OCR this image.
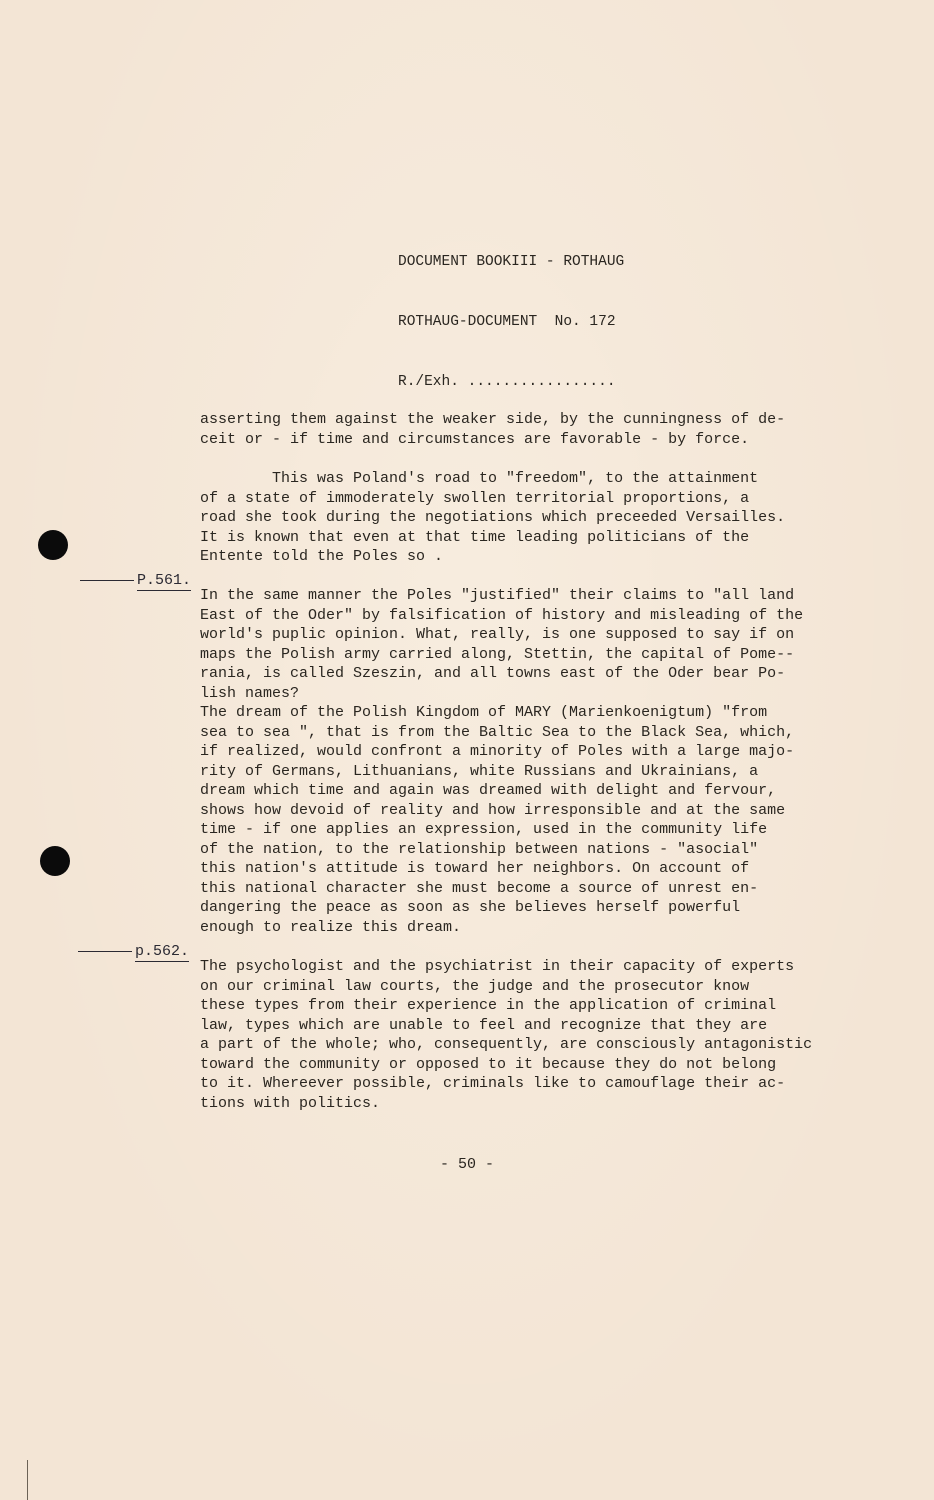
DOCUMENT BOOKIII - ROTHAUG

ROTHAUG-DOCUMENT  No. 172

R./Exh. .................

asserting them against the weaker side, by the cunningness of de-
ceit or - if time and circumstances are favorable - by force.
This was Poland's road to "freedom", to the attainment
of a state of immoderately swollen territorial proportions, a
road she took during the negotiations which preceeded Versailles.
It is known that even at that time leading politicians of the
Entente told the Poles so .
P.561.
In the same manner the Poles "justified" their claims to "all land
East of the Oder" by falsification of history and misleading of the
world's puplic opinion. What, really, is one supposed to say if on
maps the Polish army carried along, Stettin, the capital of Pome--
rania, is called Szeszin, and all towns east of the Oder bear Po-
lish names?
The dream of the Polish Kingdom of MARY (Marienkoenigtum) "from
sea to sea ", that is from the Baltic Sea to the Black Sea, which,
if realized, would confront a minority of Poles with a large majo-
rity of Germans, Lithuanians, white Russians and Ukrainians, a
dream which time and again was dreamed with delight and fervour,
shows how devoid of reality and how irresponsible and at the same
time - if one applies an expression, used in the community life
of the nation, to the relationship between nations - "asocial"
this nation's attitude is toward her neighbors. On account of
this national character she must become a source of unrest en-
dangering the peace as soon as she believes herself powerful
enough to realize this dream.
p.562.
The psychologist and the psychiatrist in their capacity of experts
on our criminal law courts, the judge and the prosecutor know
these types from their experience in the application of criminal
law, types which are unable to feel and recognize that they are
a part of the whole; who, consequently, are consciously antagonistic
toward the community or opposed to it because they do not belong
to it. Whereever possible, criminals like to camouflage their ac-
tions with politics.
- 50 -
